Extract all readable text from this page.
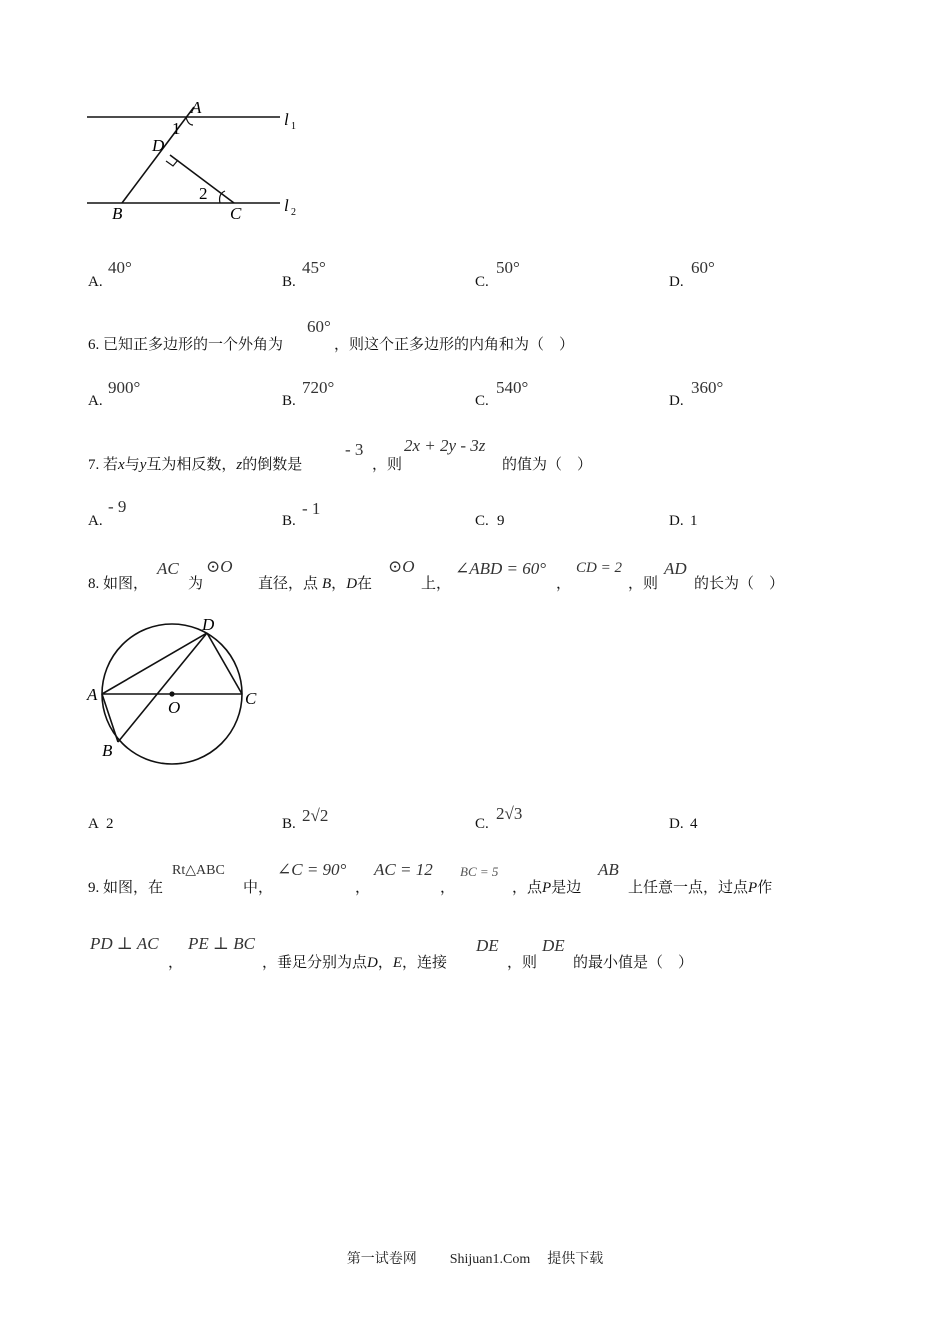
A
1
D
2
B	C
l 1
l 2
A.
40°
B.
45°
C.
50°
D.
60°
6. 已知正多边形的一个外角为
60°
，则这个正多边形的内角和为（　）
A.
900°
B.
720°
C.
540°
D.
360°
7. 若x与y互为相反数，z的倒数是
- 3
，则
2x + 2y - 3z
的值为（　）
A.
- 9
B.
- 1
C. 9	D. 1
8. 如图，
AC
为
⊙O
直径，点 B，D在
⊙O
上，
∠ABD = 60°
，
CD = 2
，则
AD
的长为（　）
D
A	C
O
B
A 2	B. 2√2	C.
2√3
D. 4
9. 如图，在
Rt△ABC
中，
∠C = 90°
，
AC = 12
，
BC = 5
，点P是边
AB
上任意一点，过点P作
PD ⊥ AC
，
PE ⊥ BC
，垂足分别为点D，E，连接
DE
，则
DE
的最小值是（　）
第一试卷网 Shijuan1.Com 提供下载
